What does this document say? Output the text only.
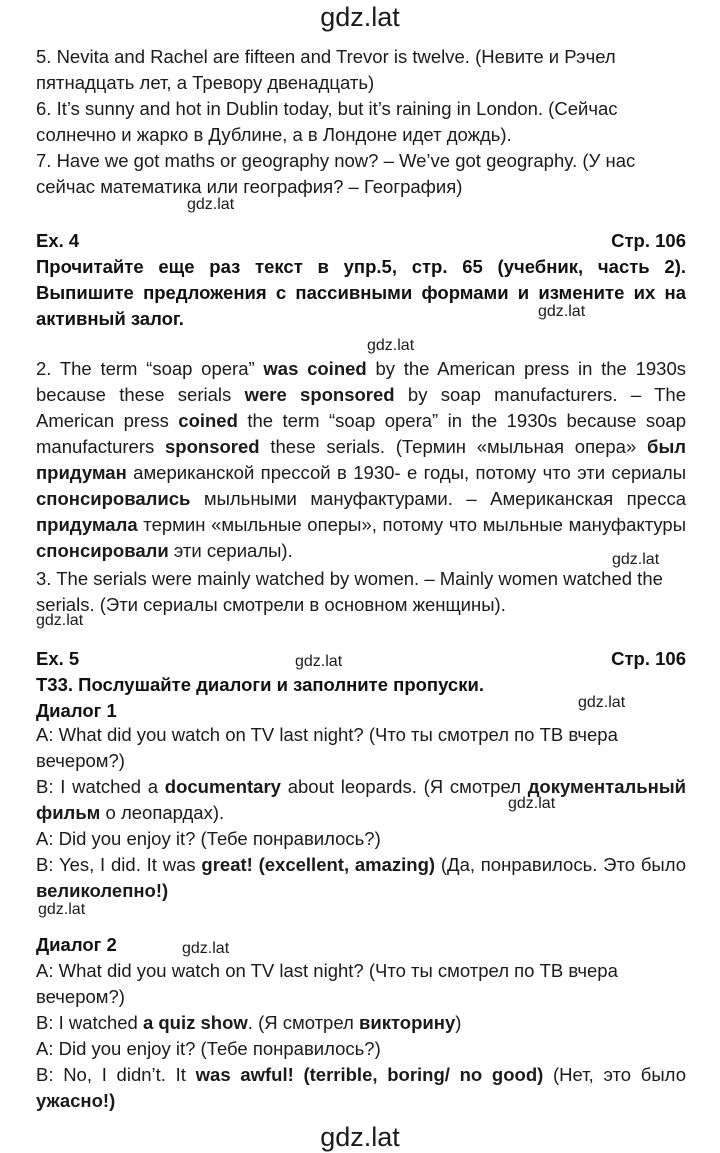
gdz.lat

5. Nevita and Rachel are fifteen and Trevor is twelve. (Невите и Рэчел пятнадцать лет, а Тревору двенадцать)

6. It’s sunny and hot in Dublin today, but it’s raining in London. (Сейчас солнечно и жарко в Дублине, а в Лондоне идет дождь).

7. Have we got maths or geography now? – We’ve got geography. (У нас сейчас математика или география? – География)

gdz.lat
Ex. 4	Стр. 106

Прочитайте еще раз текст в упр.5, стр. 65 (учебник, часть 2). Выпишите предложения с пассивными формами и измените их на активный залог.	gdz.lat
gdz.lat

2. The term “soap opera” was coined by the American press in the 1930s because these serials were sponsored by soap manufacturers. – The American press coined the term “soap opera” in the 1930s because soap manufacturers sponsored these serials. (Термин «мыльная опера» был придуман американской прессой в 1930- е годы, потому что эти сериалы спонсировались мыльными мануфактурами. – Американская пресса придумала термин «мыльные оперы», потому что мыльные мануфактуры спонсировали эти сериалы).	gdz.lat

3. The serials were mainly watched by women. – Mainly women watched the serials. (Эти сериалы смотрели в основном женщины).

gdz.lat
Ex. 5	Стр. 106
gdz.lat
T33. Послушайте диалоги и заполните пропуски.
Диалог 1	gdz.lat

A: What did you watch on TV last night? (Что ты смотрел по ТВ вчера вечером?)

B: I watched a documentary about leopards. (Я смотрел документальный фильм о леопардах).	gdz.lat

A: Did you enjoy it? (Тебе понравилось?)

B: Yes, I did. It was great! (excellent, amazing) (Да, понравилось. Это было великолепно!)

gdz.lat
Диалог 2	gdz.lat

A: What did you watch on TV last night? (Что ты смотрел по ТВ вчера вечером?)

B: I watched a quiz show. (Я смотрел викторину)

A: Did you enjoy it? (Тебе понравилось?)

B: No, I didn’t. It was awful! (terrible, boring/ no good) (Нет, это было ужасно!)

gdz.lat
